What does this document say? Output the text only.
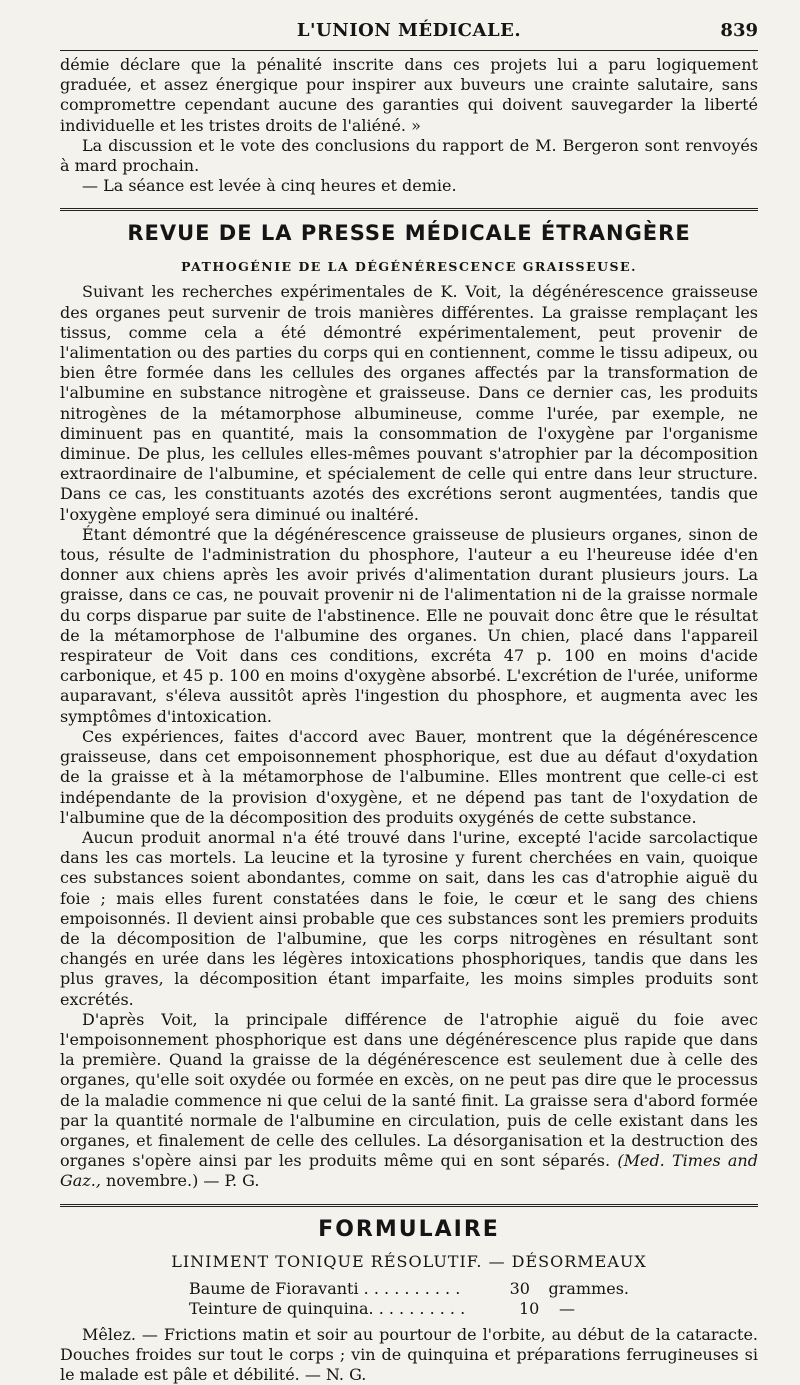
L'UNION MÉDICALE.	839

démie déclare que la pénalité inscrite dans ces projets lui a paru logiquement graduée, et assez énergique pour inspirer aux buveurs une crainte salutaire, sans compromettre cependant aucune des garanties qui doivent sauvegarder la liberté individuelle et les tristes droits de l'aliéné. »

La discussion et le vote des conclusions du rapport de M. Bergeron sont renvoyés à mard prochain.

— La séance est levée à cinq heures et demie.

REVUE DE LA PRESSE MÉDICALE ÉTRANGÈRE
PATHOGÉNIE DE LA DÉGÉNÉRESCENCE GRAISSEUSE.

Suivant les recherches expérimentales de K. Voit, la dégénérescence graisseuse des organes peut survenir de trois manières différentes. La graisse remplaçant les tissus, comme cela a été démontré expérimentalement, peut provenir de l'alimentation ou des parties du corps qui en contiennent, comme le tissu adipeux, ou bien être formée dans les cellules des organes affectés par la transformation de l'albumine en substance nitrogène et graisseuse. Dans ce dernier cas, les produits nitrogènes de la métamorphose albumineuse, comme l'urée, par exemple, ne diminuent pas en quantité, mais la consommation de l'oxygène par l'organisme diminue. De plus, les cellules elles-mêmes pouvant s'atrophier par la décomposition extraordinaire de l'albumine, et spécialement de celle qui entre dans leur structure. Dans ce cas, les constituants azotés des excrétions seront augmentées, tandis que l'oxygène employé sera diminué ou inaltéré.

Étant démontré que la dégénérescence graisseuse de plusieurs organes, sinon de tous, résulte de l'administration du phosphore, l'auteur a eu l'heureuse idée d'en donner aux chiens après les avoir privés d'alimentation durant plusieurs jours. La graisse, dans ce cas, ne pouvait provenir ni de l'alimentation ni de la graisse normale du corps disparue par suite de l'abstinence. Elle ne pouvait donc être que le résultat de la métamorphose de l'albumine des organes. Un chien, placé dans l'appareil respirateur de Voit dans ces conditions, excréta 47 p. 100 en moins d'acide carbonique, et 45 p. 100 en moins d'oxygène absorbé. L'excrétion de l'urée, uniforme auparavant, s'éleva aussitôt après l'ingestion du phosphore, et augmenta avec les symptômes d'intoxication.

Ces expériences, faites d'accord avec Bauer, montrent que la dégénérescence graisseuse, dans cet empoisonnement phosphorique, est due au défaut d'oxydation de la graisse et à la métamorphose de l'albumine. Elles montrent que celle-ci est indépendante de la provision d'oxygène, et ne dépend pas tant de l'oxydation de l'albumine que de la décomposition des produits oxygénés de cette substance.

Aucun produit anormal n'a été trouvé dans l'urine, excepté l'acide sarcolactique dans les cas mortels. La leucine et la tyrosine y furent cherchées en vain, quoique ces substances soient abondantes, comme on sait, dans les cas d'atrophie aiguë du foie ; mais elles furent constatées dans le foie, le cœur et le sang des chiens empoisonnés. Il devient ainsi probable que ces substances sont les premiers produits de la décomposition de l'albumine, que les corps nitrogènes en résultant sont changés en urée dans les légères intoxications phosphoriques, tandis que dans les plus graves, la décomposition étant imparfaite, les moins simples produits sont excrétés.

D'après Voit, la principale différence de l'atrophie aiguë du foie avec l'empoisonnement phosphorique est dans une dégénérescence plus rapide que dans la première. Quand la graisse de la dégénérescence est seulement due à celle des organes, qu'elle soit oxydée ou formée en excès, on ne peut pas dire que le processus de la maladie commence ni que celui de la santé finit. La graisse sera d'abord formée par la quantité normale de l'albumine en circulation, puis de celle existant dans les organes, et finalement de celle des cellules. La désorganisation et la destruction des organes s'opère ainsi par les produits même qui en sont séparés. (Med. Times and Gaz., novembre.) — P. G.

FORMULAIRE
LINIMENT TONIQUE RÉSOLUTIF. — DÉSORMEAUX
Baume de Fioravanti . . . . . . . . . .	30	grammes.
Teinture de quinquina. . . . . . . . . .	10	—

Mêlez. — Frictions matin et soir au pourtour de l'orbite, au début de la cataracte. Douches froides sur tout le corps ; vin de quinquina et préparations ferrugineuses si le malade est pâle et débilité. — N. G.
